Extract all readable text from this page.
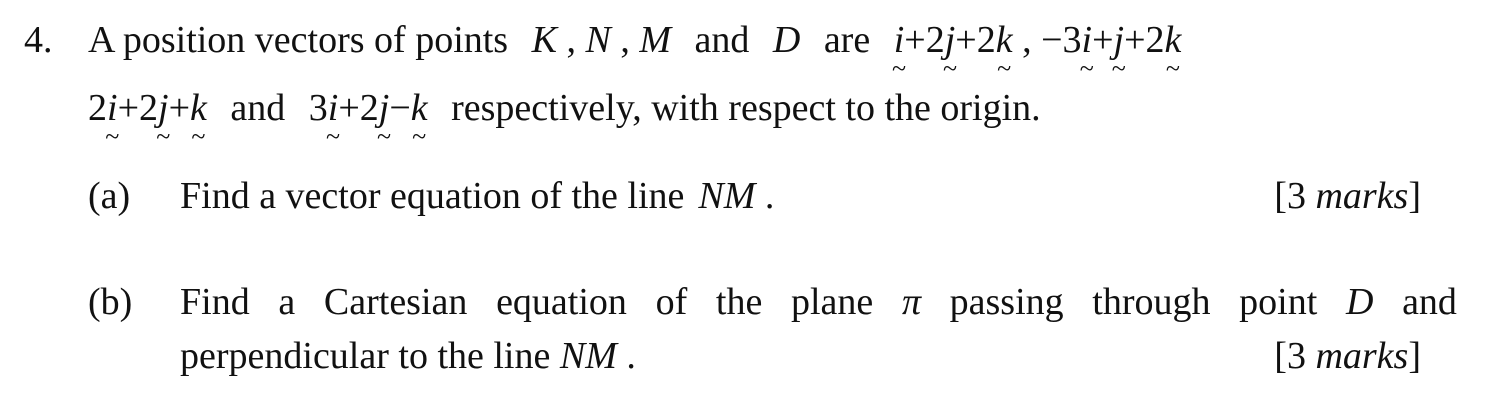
4. A position vectors of points K , N , M and D are i ~+2j ~+2k ~ , −3i ~+j ~+2k ~
2i ~+2j ~+k ~ and 3i ~+2j ~−k ~ respectively, with respect to the origin.
(a) Find a vector equation of the line NM .	[3 marks]
(b) Find a Cartesian equation of the plane π passing through point D and
perpendicular to the line NM .	[3 marks]
